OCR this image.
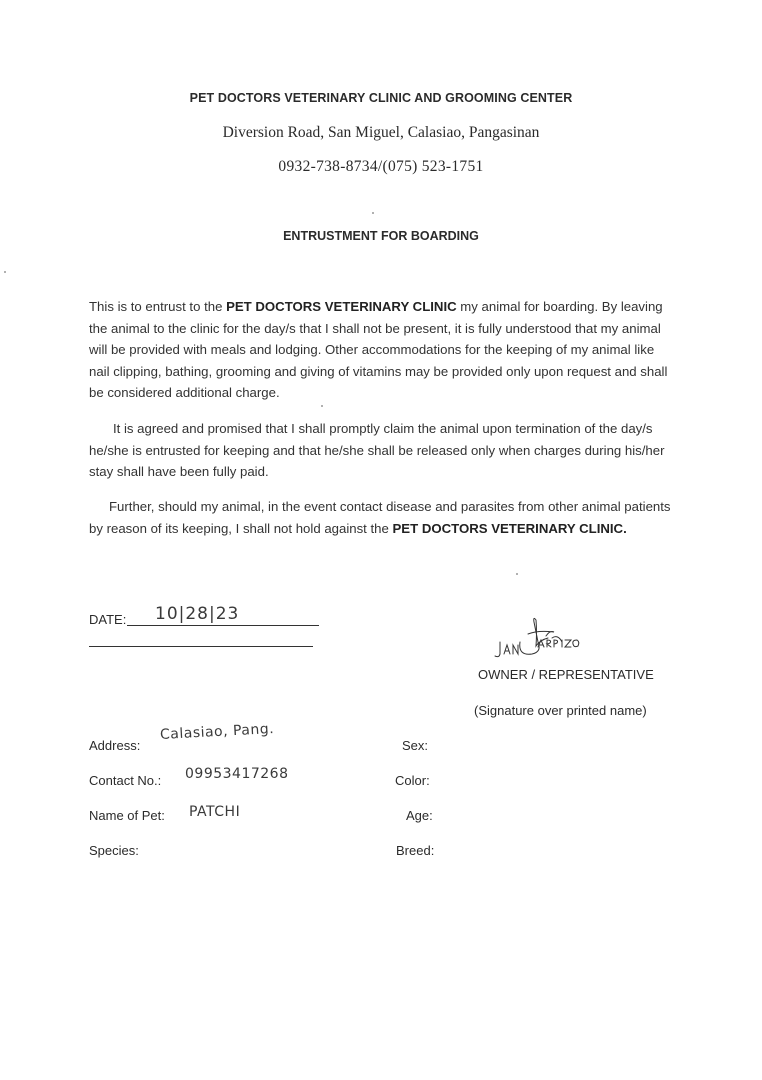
PET DOCTORS VETERINARY CLINIC AND GROOMING CENTER
Diversion Road, San Miguel, Calasiao, Pangasinan
0932-738-8734/(075) 523-1751
ENTRUSTMENT FOR BOARDING
This is to entrust to the PET DOCTORS VETERINARY CLINIC my animal for boarding. By leaving the animal to the clinic for the day/s that I shall not be present, it is fully understood that my animal will be provided with meals and lodging. Other accommodations for the keeping of my animal like nail clipping, bathing, grooming and giving of vitamins may be provided only upon request and shall be considered additional charge.
It is agreed and promised that I shall promptly claim the animal upon termination of the day/s he/she is entrusted for keeping and that he/she shall be released only when charges during his/her stay shall have been fully paid.
Further, should my animal, in the event contact disease and parasites from other animal patients by reason of its keeping, I shall not hold against the PET DOCTORS VETERINARY CLINIC.
DATE: 10|28|23
OWNER / REPRESENTATIVE
(Signature over printed name)
Address:
Calasiao, Pang.
Contact No.: 09953417268
Name of Pet: PATCHI
Species:
Sex:
Color:
Age:
Breed:
